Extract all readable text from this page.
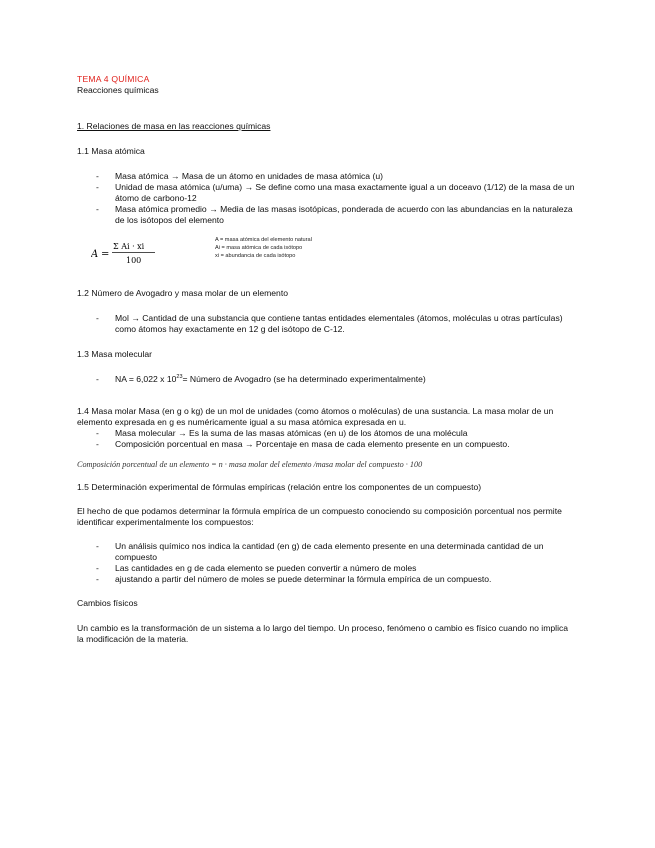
TEMA 4 QUÍMICA
Reacciones químicas
1. Relaciones de masa en las reacciones químicas
1.1 Masa atómica
- Masa atómica → Masa de un átomo en unidades de masa atómica (u)
- Unidad de masa atómica (u/uma) → Se define como una masa exactamente igual a un doceavo (1/12) de la masa de un átomo de carbono-12
- Masa atómica promedio → Media de las masas isotópicas, ponderada de acuerdo con las abundancias en la naturaleza de los isótopos del elemento
A =
Σ Ai · xi
100
A = masa atómica del elemento natural
Ai = masa atómica de cada isótopo
xi = abundancia de cada isótopo
1.2 Número de Avogadro y masa molar de un elemento
- Mol → Cantidad de una substancia que contiene tantas entidades elementales (átomos, moléculas u otras partículas) como átomos hay exactamente en 12 g del isótopo de C-12.
1.3 Masa molecular
- NA = 6,022 x $10^{23}=$ Número de Avogadro (se ha determinado experimentalmente)
1.4 Masa molar Masa (en g o kg) de un mol de unidades (como átomos o moléculas) de una sustancia. La masa molar de un elemento expresada en g es numéricamente igual a su masa atómica expresada en u.
- Masa molecular → Es la suma de las masas atómicas (en u) de los átomos de una molécula
- Composición porcentual en masa → Porcentaje en masa de cada elemento presente en un compuesto.
Composición porcentual de un elemento = n · masa molar del elemento /masa molar del compuesto · 100
1.5 Determinación experimental de fórmulas empíricas (relación entre los componentes de un compuesto)
El hecho de que podamos determinar la fórmula empírica de un compuesto conociendo su composición porcentual nos permite identificar experimentalmente los compuestos:
- Un análisis químico nos indica la cantidad (en g) de cada elemento presente en una determinada cantidad de un compuesto
- Las cantidades en g de cada elemento se pueden convertir a número de moles
- ajustando a partir del número de moles se puede determinar la fórmula empírica de un compuesto.
Cambios físicos
Un cambio es la transformación de un sistema a lo largo del tiempo. Un proceso, fenómeno o cambio es físico cuando no implica la modificación de la materia.
